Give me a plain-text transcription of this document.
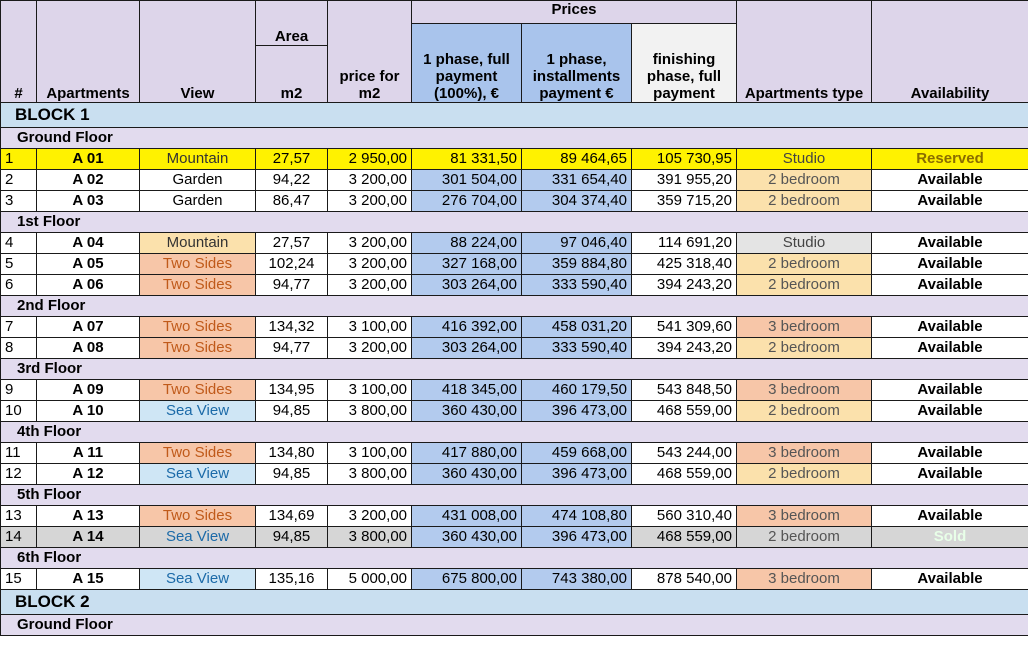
#	Apartments	View	Area	price for m2	Prices			Apartments type	Availability
					1 phase, full payment (100%), €	1 phase, installments payment €	finishing phase, full payment		
			m2						
BLOCK 1									
Ground Floor									
1	A 01	Mountain	27,57	2 950,00	81 331,50	89 464,65	105 730,95	Studio	Reserved
2	A 02	Garden	94,22	3 200,00	301 504,00	331 654,40	391 955,20	2 bedroom	Available
3	A 03	Garden	86,47	3 200,00	276 704,00	304 374,40	359 715,20	2 bedroom	Available
1st Floor									
4	A 04	Mountain	27,57	3 200,00	88 224,00	97 046,40	114 691,20	Studio	Available
5	A 05	Two Sides	102,24	3 200,00	327 168,00	359 884,80	425 318,40	2 bedroom	Available
6	A 06	Two Sides	94,77	3 200,00	303 264,00	333 590,40	394 243,20	2 bedroom	Available
2nd Floor									
7	A 07	Two Sides	134,32	3 100,00	416 392,00	458 031,20	541 309,60	3 bedroom	Available
8	A 08	Two Sides	94,77	3 200,00	303 264,00	333 590,40	394 243,20	2 bedroom	Available
3rd Floor									
9	A 09	Two Sides	134,95	3 100,00	418 345,00	460 179,50	543 848,50	3 bedroom	Available
10	A 10	Sea View	94,85	3 800,00	360 430,00	396 473,00	468 559,00	2 bedroom	Available
4th Floor									
11	A 11	Two Sides	134,80	3 100,00	417 880,00	459 668,00	543 244,00	3 bedroom	Available
12	A 12	Sea View	94,85	3 800,00	360 430,00	396 473,00	468 559,00	2 bedroom	Available
5th Floor									
13	A 13	Two Sides	134,69	3 200,00	431 008,00	474 108,80	560 310,40	3 bedroom	Available
14	A 14	Sea View	94,85	3 800,00	360 430,00	396 473,00	468 559,00	2 bedroom	Sold
6th Floor									
15	A 15	Sea View	135,16	5 000,00	675 800,00	743 380,00	878 540,00	3 bedroom	Available
BLOCK 2									
Ground Floor									
